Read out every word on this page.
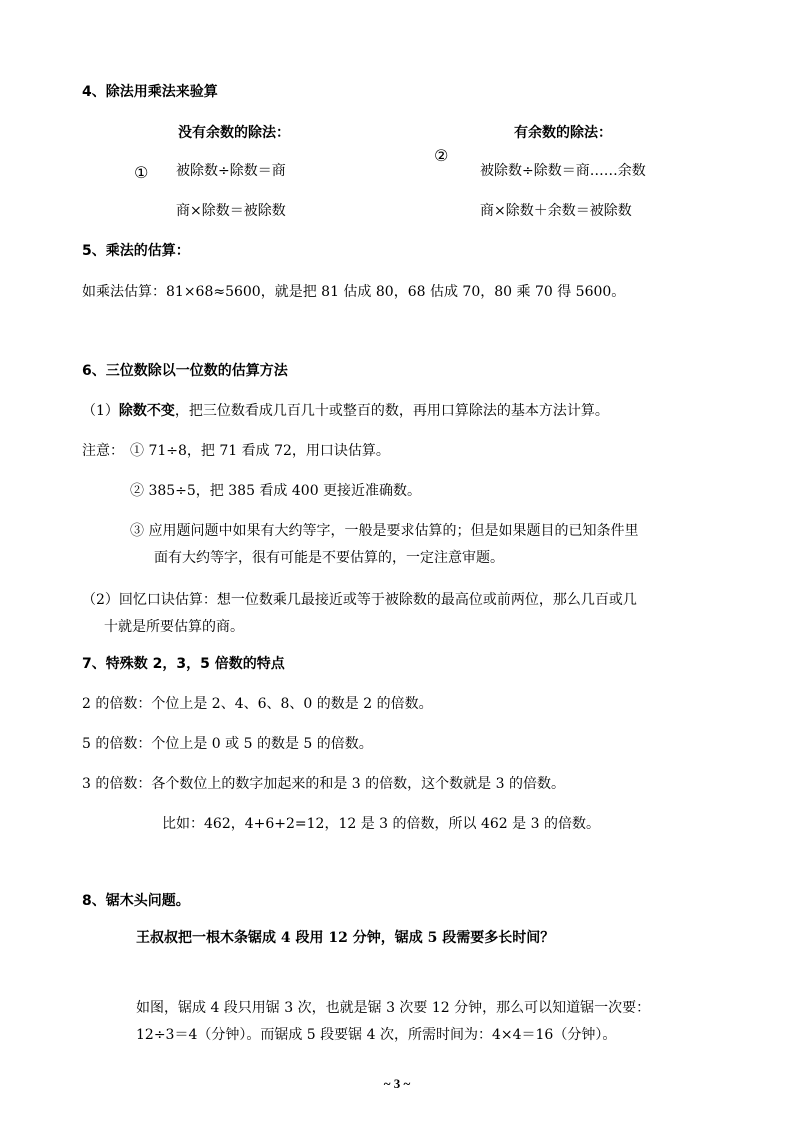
4、除法用乘法来验算
没有余数的除法：
① 被除数÷除数＝商
商×除数＝被除数
有余数的除法：
②
被除数÷除数＝商……余数
商×除数＋余数＝被除数
5、乘法的估算：
如乘法估算：81×68≈5600，就是把 81 估成 80，68 估成 70，80 乘 70 得 5600。
6、三位数除以一位数的估算方法
（1）除数不变，把三位数看成几百几十或整百的数，再用口算除法的基本方法计算。
注意： ① 71÷8，把 71 看成 72，用口诀估算。
② 385÷5，把 385 看成 400 更接近准确数。
③ 应用题问题中如果有大约等字，一般是要求估算的；但是如果题目的已知条件里
面有大约等字，很有可能是不要估算的，一定注意审题。
（2）回忆口诀估算：想一位数乘几最接近或等于被除数的最高位或前两位，那么几百或几
十就是所要估算的商。
7、特殊数 2，3，5 倍数的特点
2 的倍数：个位上是 2、4、6、8、0 的数是 2 的倍数。
5 的倍数：个位上是 0 或 5 的数是 5 的倍数。
3 的倍数：各个数位上的数字加起来的和是 3 的倍数，这个数就是 3 的倍数。
比如：462，4+6+2=12，12 是 3 的倍数，所以 462 是 3 的倍数。
8、锯木头问题。
王叔叔把一根木条锯成 4 段用 12 分钟，锯成 5 段需要多长时间？
如图，锯成 4 段只用锯 3 次，也就是锯 3 次要 12 分钟，那么可以知道锯一次要：
12÷3＝4（分钟）。而锯成 5 段要锯 4 次，所需时间为：4×4＝16（分钟）。
~ 3 ~
